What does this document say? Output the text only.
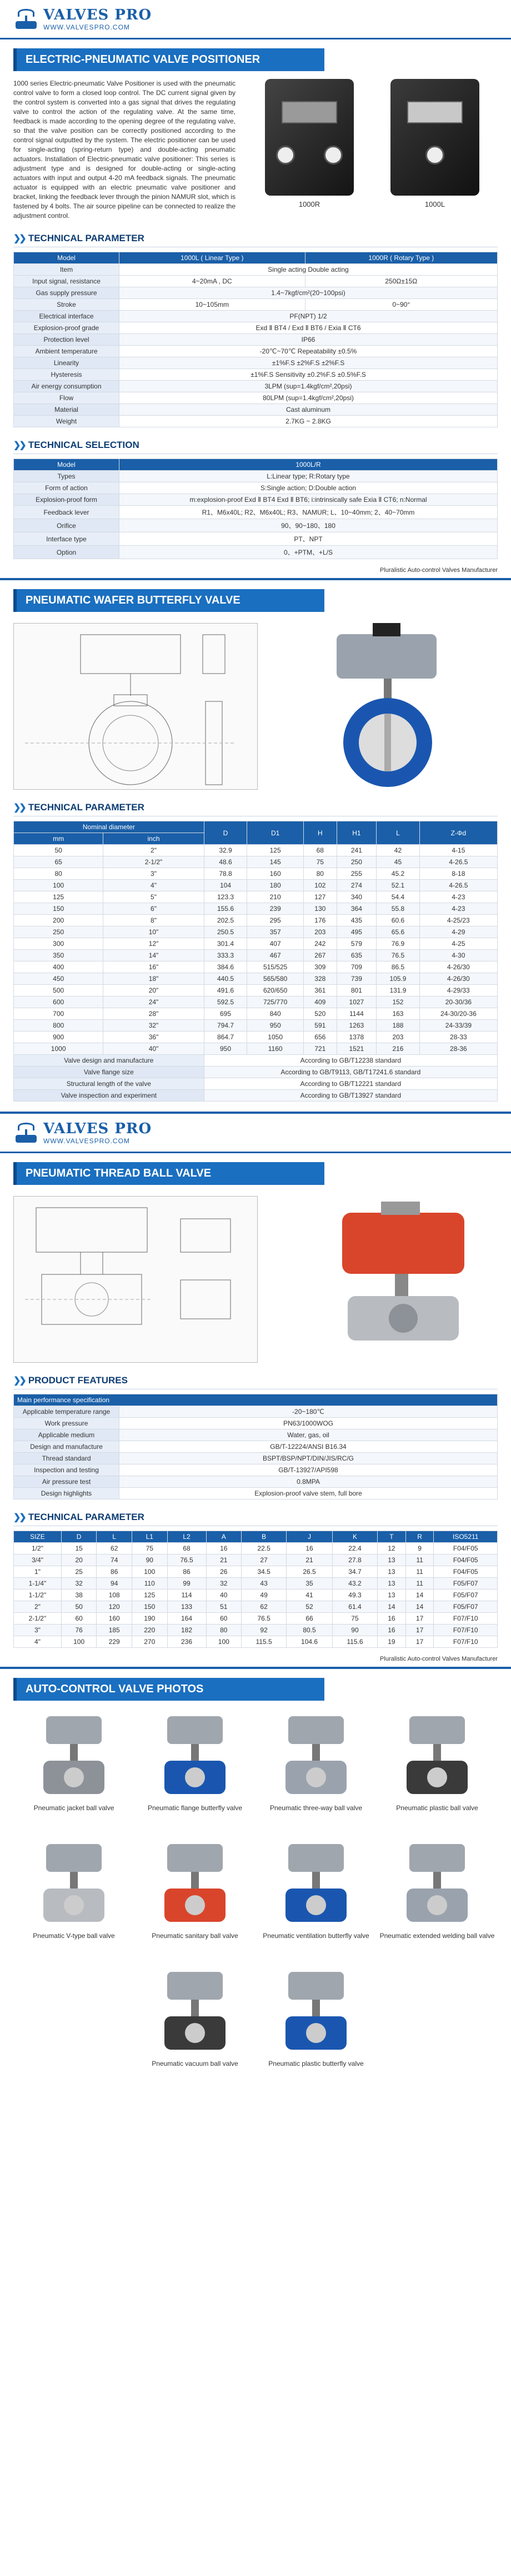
VALVES PRO
WWW.VALVESPRO.COM
ELECTRIC-PNEUMATIC VALVE POSITIONER

1000 series Electric-pneumatic Valve Positioner is used with the pneumatic control valve to form a closed loop control. The DC current signal given by the control system is converted into a gas signal that drives the regulating valve to control the action of the regulating valve. At the same time, feedback is made according to the opening degree of the regulating valve, so that the valve position can be correctly positioned according to the control signal outputted by the system. The electric positioner can be used for single-acting (spring-return type) and double-acting pneumatic actuators. Installation of Electric-pneumatic valve positioner: This series is adjustment type and is designed for double-acting or single-acting actuators with input and output 4-20 mA feedback signals. The pneumatic actuator is equipped with an electric pneumatic valve positioner and bracket, linking the feedback lever through the pinion NAMUR slot, which is fastened by 4 bolts. The air source pipeline can be connected to realize the adjustment control.

1000R	1000L
❯❯ TECHNICAL PARAMETER
Model	1000L ( Linear Type )	1000R ( Rotary Type )
Item	Single acting Double acting	
Input signal, resistance	4~20mA , DC	250Ω±15Ω
Gas supply pressure	1.4~7kgf/cm²(20~100psi)	
Stroke	10~105mm	0~90°
Electrical interface	PF(NPT) 1/2	
Explosion-proof grade	Exd Ⅱ BT4 / Exd Ⅱ BT6 / Exia Ⅱ CT6	
Protection level	IP66	
Ambient temperature	-20℃~70℃ Repeatability ±0.5%	
Linearity	±1%F.S ±2%F.S ±2%F.S	
Hysteresis	±1%F.S Sensitivity ±0.2%F.S ±0.5%F.S	
Air energy consumption	3LPM (sup=1.4kgf/cm²,20psi)	
Flow	80LPM (sup=1.4kgf/cm²,20psi)	
Material	Cast aluminum	
Weight	2.7KG ~ 2.8KG	
❯❯ TECHNICAL SELECTION
Model	1000L/R
Types	L:Linear type; R:Rotary type
Form of action	S:Single action; D:Double action
Explosion-proof form	m:explosion-proof Exd Ⅱ BT4 Exd Ⅱ BT6; i:intrinsically safe Exia Ⅱ CT6; n:Normal
Feedback lever	R1、M6x40L; R2、M6x40L; R3、NAMUR; L、10~40mm; 2、40~70mm
Orifice	90、90~180、180
Interface type	PT、NPT
Option	0、+PTM、+L/S
Pluralistic Auto-control Valves Manufacturer
PNEUMATIC WAFER BUTTERFLY VALVE
❯❯ TECHNICAL PARAMETER
Nominal diameter		D	D1	H	H1	L	Z-Φd
mm	inch						
50	2"	32.9	125	68	241	42	4-15
65	2-1/2"	48.6	145	75	250	45	4-26.5
80	3"	78.8	160	80	255	45.2	8-18
100	4"	104	180	102	274	52.1	4-26.5
125	5"	123.3	210	127	340	54.4	4-23
150	6"	155.6	239	130	364	55.8	4-23
200	8"	202.5	295	176	435	60.6	4-25/23
250	10"	250.5	357	203	495	65.6	4-29
300	12"	301.4	407	242	579	76.9	4-25
350	14"	333.3	467	267	635	76.5	4-30
400	16"	384.6	515/525	309	709	86.5	4-26/30
450	18"	440.5	565/580	328	739	105.9	4-26/30
500	20"	491.6	620/650	361	801	131.9	4-29/33
600	24"	592.5	725/770	409	1027	152	20-30/36
700	28"	695	840	520	1144	163	24-30/20-36
800	32"	794.7	950	591	1263	188	24-33/39
900	36"	864.7	1050	656	1378	203	28-33
1000	40"	950	1160	721	1521	216	28-36
Valve design and manufacture		According to GB/T12238 standard					
Valve flange size		According to GB/T9113, GB/T17241.6 standard					
Structural length of the valve		According to GB/T12221 standard					
Valve inspection and experiment		According to GB/T13927 standard					
VALVES PRO
WWW.VALVESPRO.COM
PNEUMATIC THREAD BALL VALVE
❯❯ PRODUCT FEATURES
Main performance specification	
Applicable temperature range	-20~180℃
Work pressure	PN63/1000WOG
Applicable medium	Water, gas, oil
Design and manufacture	GB/T-12224/ANSI B16.34
Thread standard	BSPT/BSP/NPT/DIN/JIS/RC/G
Inspection and testing	GB/T-13927/API598
Air pressure test	0.8MPA
Design highlights	Explosion-proof valve stem, full bore
❯❯ TECHNICAL PARAMETER
SIZE	D	L	L1	L2	A	B	J	K	T	R	ISO5211
1/2"	15	62	75	68	16	22.5	16	22.4	12	9	F04/F05
3/4"	20	74	90	76.5	21	27	21	27.8	13	11	F04/F05
1"	25	86	100	86	26	34.5	26.5	34.7	13	11	F04/F05
1-1/4"	32	94	110	99	32	43	35	43.2	13	11	F05/F07
1-1/2"	38	108	125	114	40	49	41	49.3	13	14	F05/F07
2"	50	120	150	133	51	62	52	61.4	14	14	F05/F07
2-1/2"	60	160	190	164	60	76.5	66	75	16	17	F07/F10
3"	76	185	220	182	80	92	80.5	90	16	17	F07/F10
4"	100	229	270	236	100	115.5	104.6	115.6	19	17	F07/F10
Pluralistic Auto-control Valves Manufacturer
AUTO-CONTROL VALVE PHOTOS
Pneumatic jacket ball valve	Pneumatic flange butterfly valve	Pneumatic three-way ball valve	Pneumatic plastic ball valve
Pneumatic V-type ball valve	Pneumatic sanitary ball valve	Pneumatic ventilation butterfly valve	Pneumatic extended welding ball valve
Pneumatic vacuum ball valve	Pneumatic plastic butterfly valve
